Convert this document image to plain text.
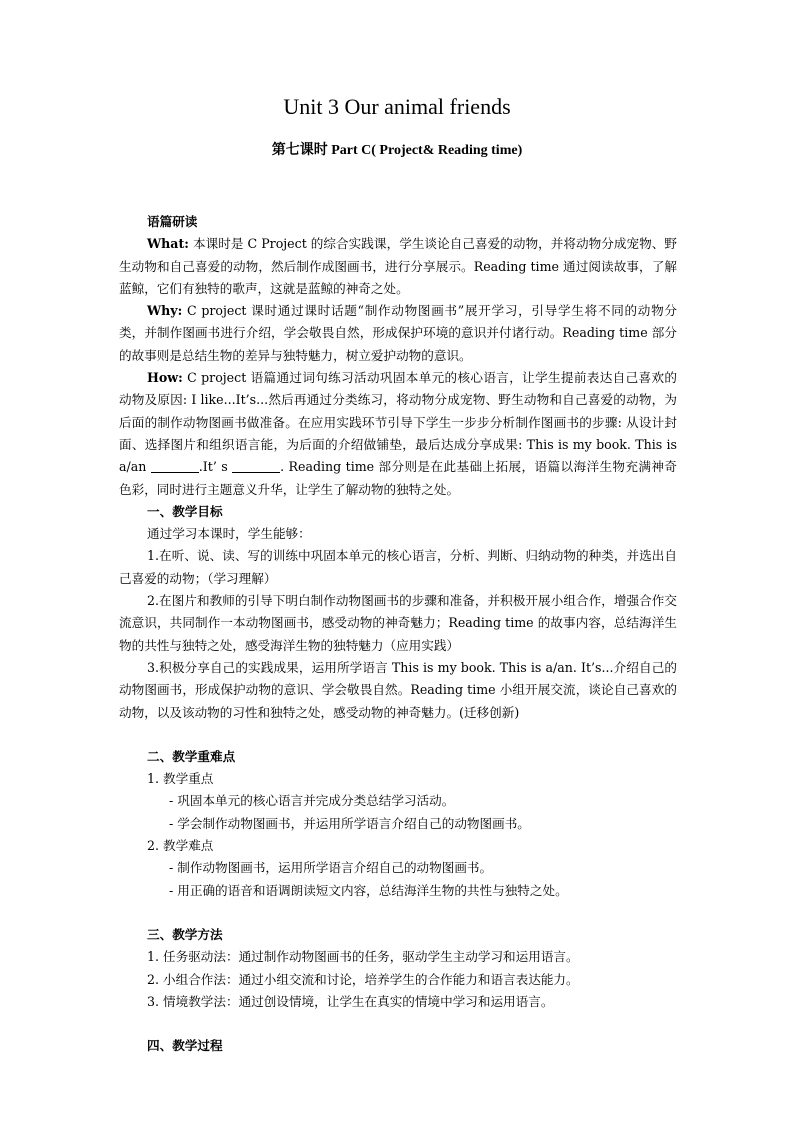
Unit 3 Our animal friends
第七课时 Part C( Project& Reading time)

语篇研读

What: 本课时是 C Project 的综合实践课，学生谈论自己喜爱的动物，并将动物分成宠物、野生动物和自己喜爱的动物，然后制作成图画书，进行分享展示。Reading time 通过阅读故事，了解蓝鲸，它们有独特的歌声，这就是蓝鲸的神奇之处。

Why: C project 课时通过课时话题“制作动物图画书”展开学习，引导学生将不同的动物分类，并制作图画书进行介绍，学会敬畏自然，形成保护环境的意识并付诸行动。Reading time 部分的故事则是总结生物的差异与独特魅力，树立爱护动物的意识。

How: C project 语篇通过词句练习活动巩固本单元的核心语言，让学生提前表达自己喜欢的动物及原因: I like...It’s...然后再通过分类练习，将动物分成宠物、野生动物和自己喜爱的动物，为后面的制作动物图画书做准备。在应用实践环节引导下学生一步步分析制作图画书的步骤: 从设计封面、选择图片和组织语言能，为后面的介绍做铺垫，最后达成分享成果: This is my book. This is a/an	.It’ s	. Reading time 部分则是在此基础上拓展，语篇以海洋生物充满神奇色彩，同时进行主题意义升华，让学生了解动物的独特之处。

一、教学目标

通过学习本课时，学生能够：

1.在听、说、读、写的训练中巩固本单元的核心语言，分析、判断、归纳动物的种类，并选出自己喜爱的动物；（学习理解）

2.在图片和教师的引导下明白制作动物图画书的步骤和准备，并积极开展小组合作，增强合作交流意识，共同制作一本动物图画书，感受动物的神奇魅力；Reading time 的故事内容，总结海洋生物的共性与独特之处，感受海洋生物的独特魅力（应用实践）

3.积极分享自己的实践成果，运用所学语言 This is my book. This is a/an. It’s...介绍自己的动物图画书，形成保护动物的意识、学会敬畏自然。Reading time 小组开展交流，谈论自己喜欢的动物，以及该动物的习性和独特之处，感受动物的神奇魅力。(迁移创新)

二、教学重难点

1. 教学重点

- 巩固本单元的核心语言并完成分类总结学习活动。

- 学会制作动物图画书，并运用所学语言介绍自己的动物图画书。

2. 教学难点

- 制作动物图画书，运用所学语言介绍自己的动物图画书。

- 用正确的语音和语调朗读短文内容，总结海洋生物的共性与独特之处。

三、教学方法

1. 任务驱动法：通过制作动物图画书的任务，驱动学生主动学习和运用语言。

2. 小组合作法：通过小组交流和讨论，培养学生的合作能力和语言表达能力。

3. 情境教学法：通过创设情境，让学生在真实的情境中学习和运用语言。

四、教学过程
